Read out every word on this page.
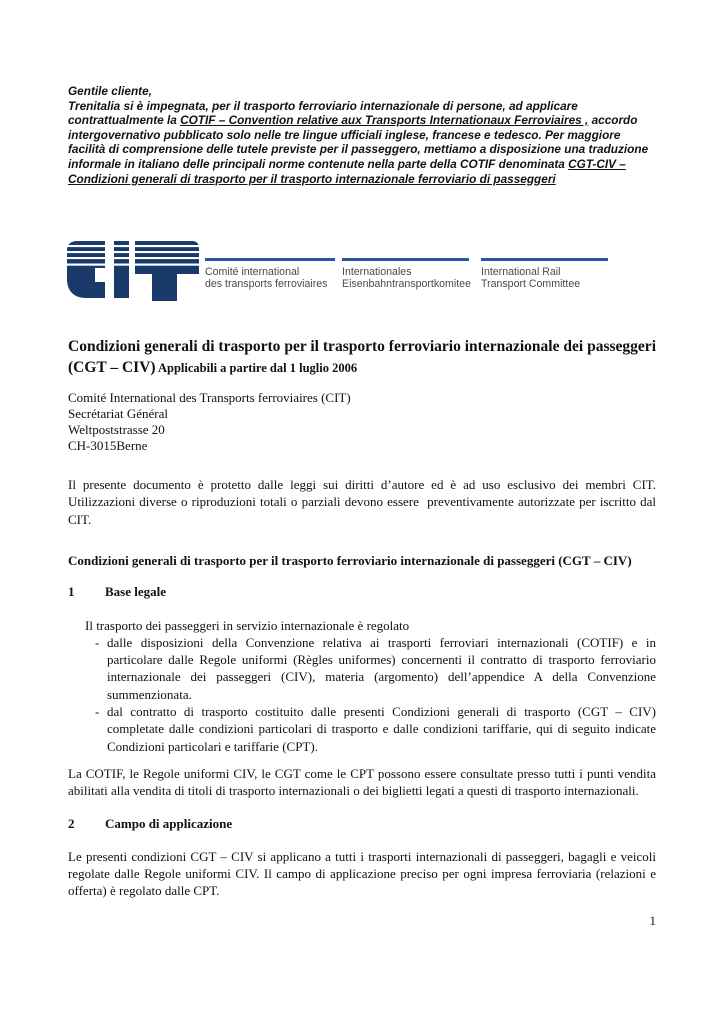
Gentile cliente,
Trenitalia si è impegnata, per il trasporto ferroviario internazionale di persone, ad applicare contrattualmente la COTIF – Convention relative aux Transports Internationaux Ferroviaires , accordo intergovernativo pubblicato solo nelle tre lingue ufficiali inglese, francese e tedesco. Per maggiore facilità di comprensione delle tutele previste per il passeggero, mettiamo a disposizione una traduzione informale in italiano delle principali norme contenute nella parte della COTIF denominata CGT-CIV – Condizioni generali di trasporto per il trasporto internazionale ferroviario di passeggeri
Comité international
des transports ferroviaires
Internationales
Eisenbahntransportkomitee
International Rail
Transport Committee
Condizioni generali di trasporto per il trasporto ferroviario internazionale dei passeggeri (CGT – CIV) Applicabili a partire dal 1 luglio 2006
Comité International des Transports ferroviaires (CIT)
Secrétariat Général
Weltpoststrasse 20
CH-3015Berne
Il presente documento è protetto dalle leggi sui diritti d’autore ed è ad uso esclusivo dei membri CIT. Utilizzazioni diverse o riproduzioni totali o parziali devono essere  preventivamente autorizzate per iscritto dal CIT.
Condizioni generali di trasporto per il trasporto ferroviario internazionale di passeggeri (CGT – CIV)
1 Base legale
Il trasporto dei passeggeri in servizio internazionale è regolato
- dalle disposizioni della Convenzione relativa ai trasporti ferroviari internazionali (COTIF) e in particolare dalle Regole uniformi (Règles uniformes) concernenti il contratto di trasporto ferroviario internazionale dei passeggeri (CIV), materia (argomento) dell’appendice A della Convenzione summenzionata.
- dal contratto di trasporto costituito dalle presenti Condizioni generali di trasporto (CGT – CIV) completate dalle condizioni particolari di trasporto e dalle condizioni tariffarie, qui di seguito indicate Condizioni particolari e tariffarie (CPT).
La COTIF, le Regole uniformi CIV, le CGT come le CPT possono essere consultate presso tutti i punti vendita abilitati alla vendita di titoli di trasporto internazionali o dei biglietti legati a questi di trasporto internazionali.
2 Campo di applicazione
Le presenti condizioni CGT – CIV si applicano a tutti i trasporti internazionali di passeggeri, bagagli e veicoli regolate dalle Regole uniformi CIV. Il campo di applicazione preciso per ogni impresa ferroviaria (relazioni e offerta) è regolato dalle CPT.
1
